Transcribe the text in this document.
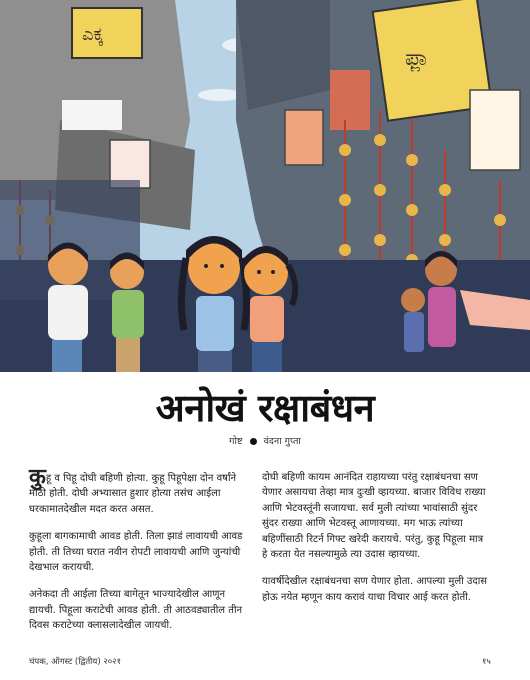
ಎಕ್ಕ
ಫ್ಲಾ
अनोखं रक्षाबंधन
गोष्ट वंदना गुप्ता

कुहू व पिहू दोघी बहिणी होत्या. कुहू पिहूपेक्षा दोन वर्षांने मोठी होती. दोघी अभ्यासात हुशार होत्या तसंच आईला घरकामातदेखील मदत करत असत.

कुहूला बागकामाची आवड होती. तिला झाडं लावायची आवड होती. ती तिच्या घरात नवीन रोपटी लावायची आणि जुन्यांची देखभाल करायची.

अनेकदा ती आईला तिच्या बागेतून भाज्यादेखील आणून द्यायची. पिहूला कराटेची आवड होती. ती आठवड्यातील तीन दिवस कराटेच्या क्लासलादेखील जायची.

दोघी बहिणी कायम आनंदित राहायच्या परंतु रक्षाबंधनचा सण येणार असायचा तेव्हा मात्र दुःखी व्हायच्या. बाजार विविध राख्या आणि भेटवस्तूंनी सजायचा. सर्व मुली त्यांच्या भावांसाठी सुंदर सुंदर राख्या आणि भेटवस्तू आणायच्या. मग भाऊ त्यांच्या बहिणींसाठी रिटर्न गिफ्ट खरेदी करायचे. परंतु, कुहू पिहूला मात्र हे करता येत नसल्यामुळे त्या उदास व्हायच्या.

यावर्षीदेखील रक्षाबंधनचा सण येणार होता. आपल्या मुली उदास होऊ नयेत म्हणून काय करावं याचा विचार आई करत होती.

चंपक, ऑगस्ट (द्वितीय) २०२१	१५
